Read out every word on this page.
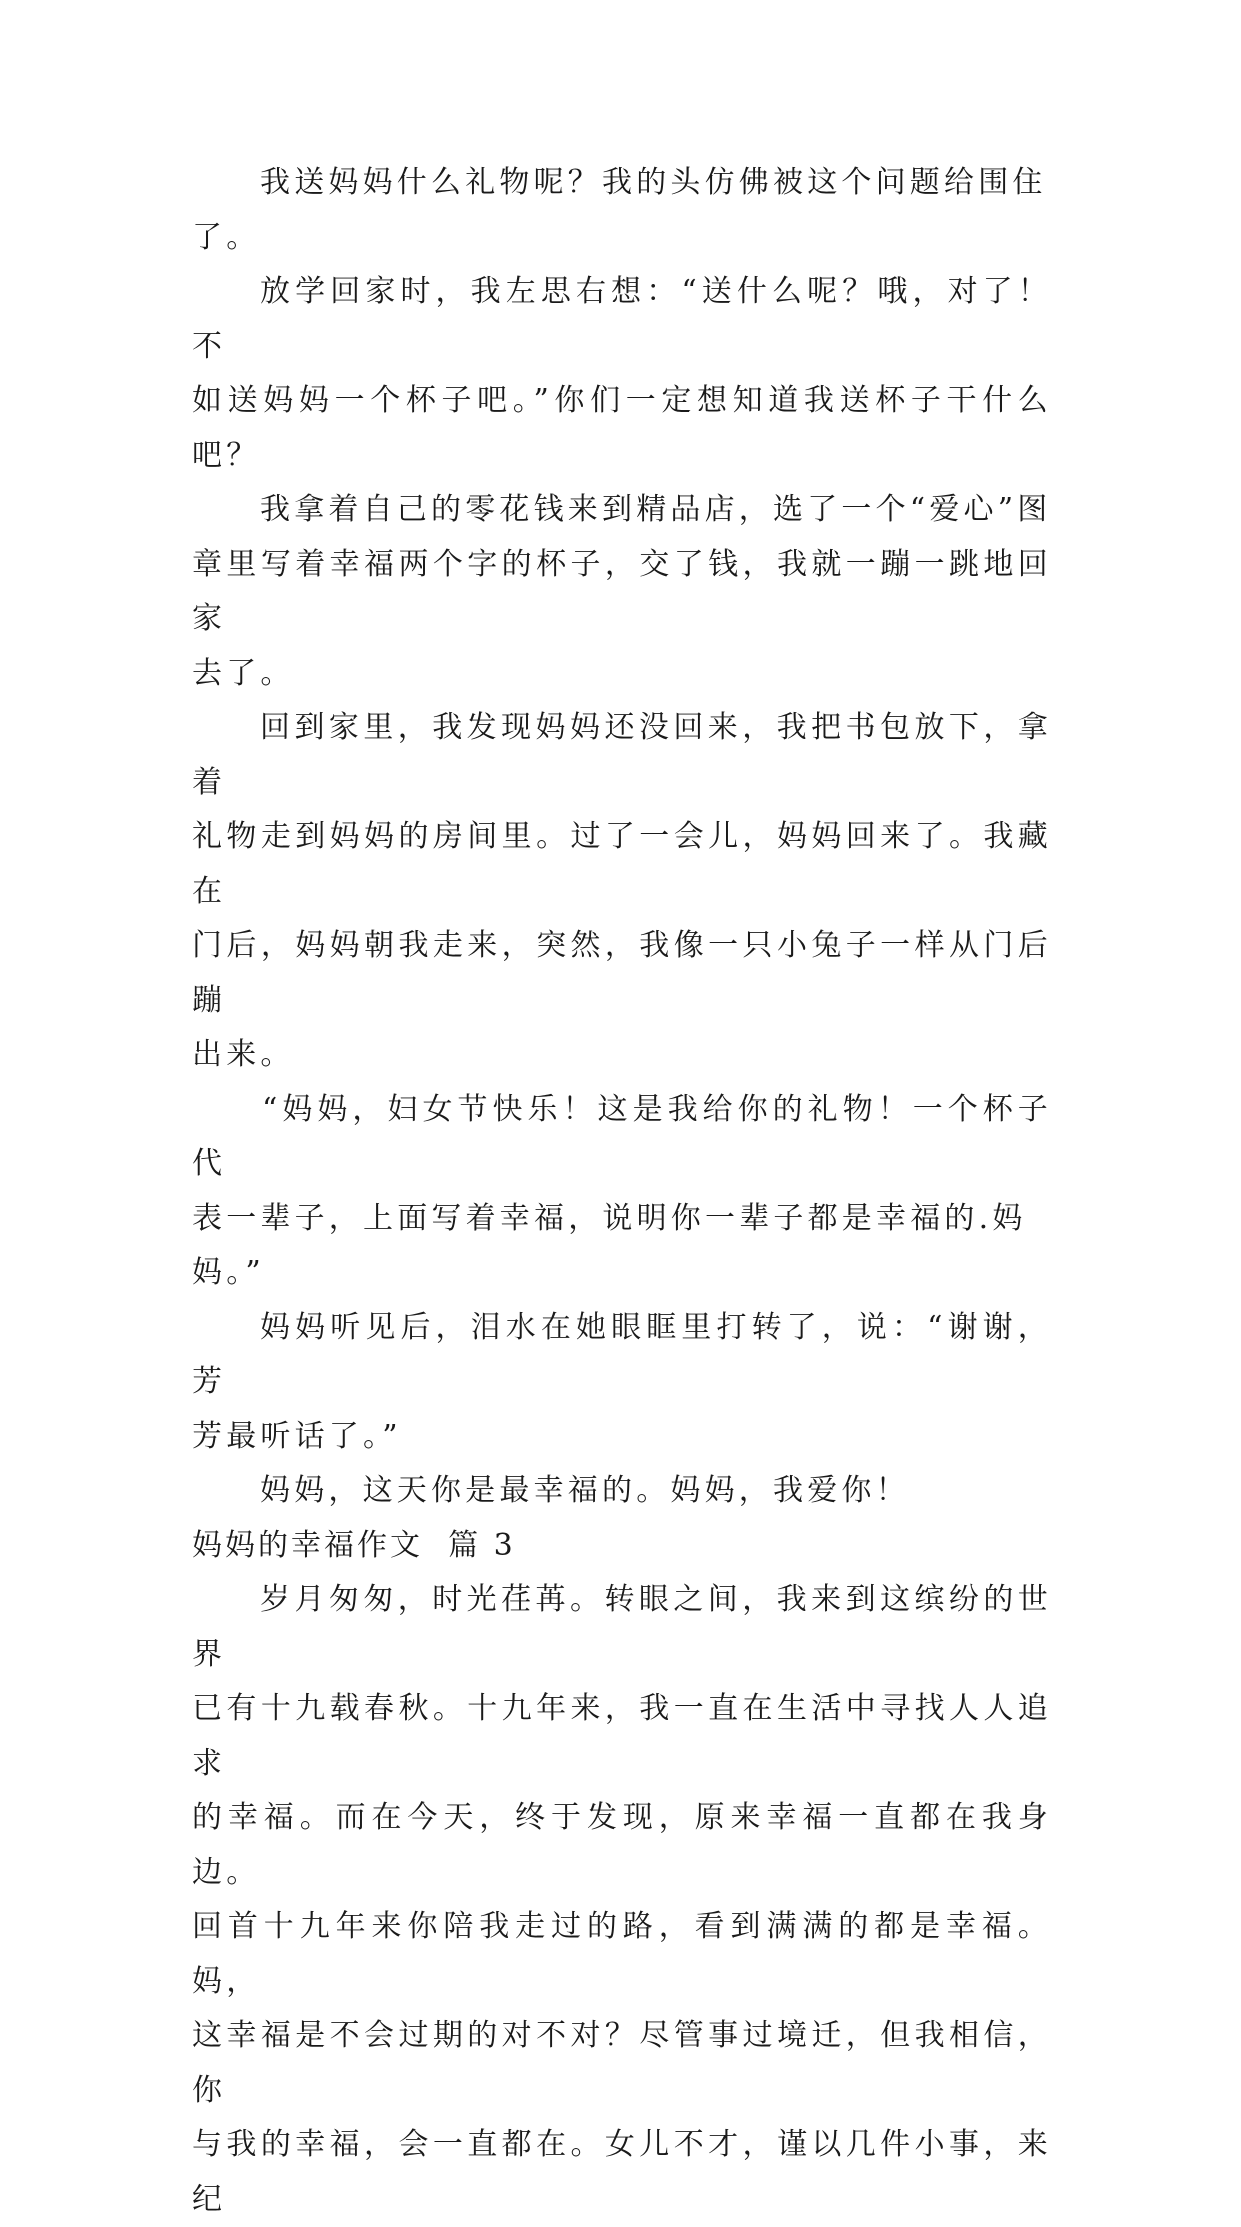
我送妈妈什么礼物呢？我的头仿佛被这个问题给围住
了。

放学回家时，我左思右想：“送什么呢？哦，对了！不
如送妈妈一个杯子吧。”你们一定想知道我送杯子干什么吧？

我拿着自己的零花钱来到精品店，选了一个“爱心”图
章里写着幸福两个字的杯子，交了钱，我就一蹦一跳地回家
去了。

回到家里，我发现妈妈还没回来，我把书包放下，拿着
礼物走到妈妈的房间里。过了一会儿，妈妈回来了。我藏在
门后，妈妈朝我走来，突然，我像一只小兔子一样从门后蹦
出来。

“妈妈，妇女节快乐！这是我给你的礼物！一个杯子代
表一辈子，上面写着幸福，说明你一辈子都是幸福的.妈
妈。”

妈妈听见后，泪水在她眼眶里打转了，说：“谢谢，芳
芳最听话了。”

妈妈，这天你是最幸福的。妈妈，我爱你！

妈妈的幸福作文  篇 3

岁月匆匆，时光荏苒。转眼之间，我来到这缤纷的世界
已有十九载春秋。十九年来，我一直在生活中寻找人人追求
的幸福。而在今天，终于发现，原来幸福一直都在我身边。
回首十九年来你陪我走过的路，看到满满的都是幸福。妈，
这幸福是不会过期的对不对？尽管事过境迁，但我相信，你
与我的幸福，会一直都在。女儿不才，谨以几件小事，来纪
